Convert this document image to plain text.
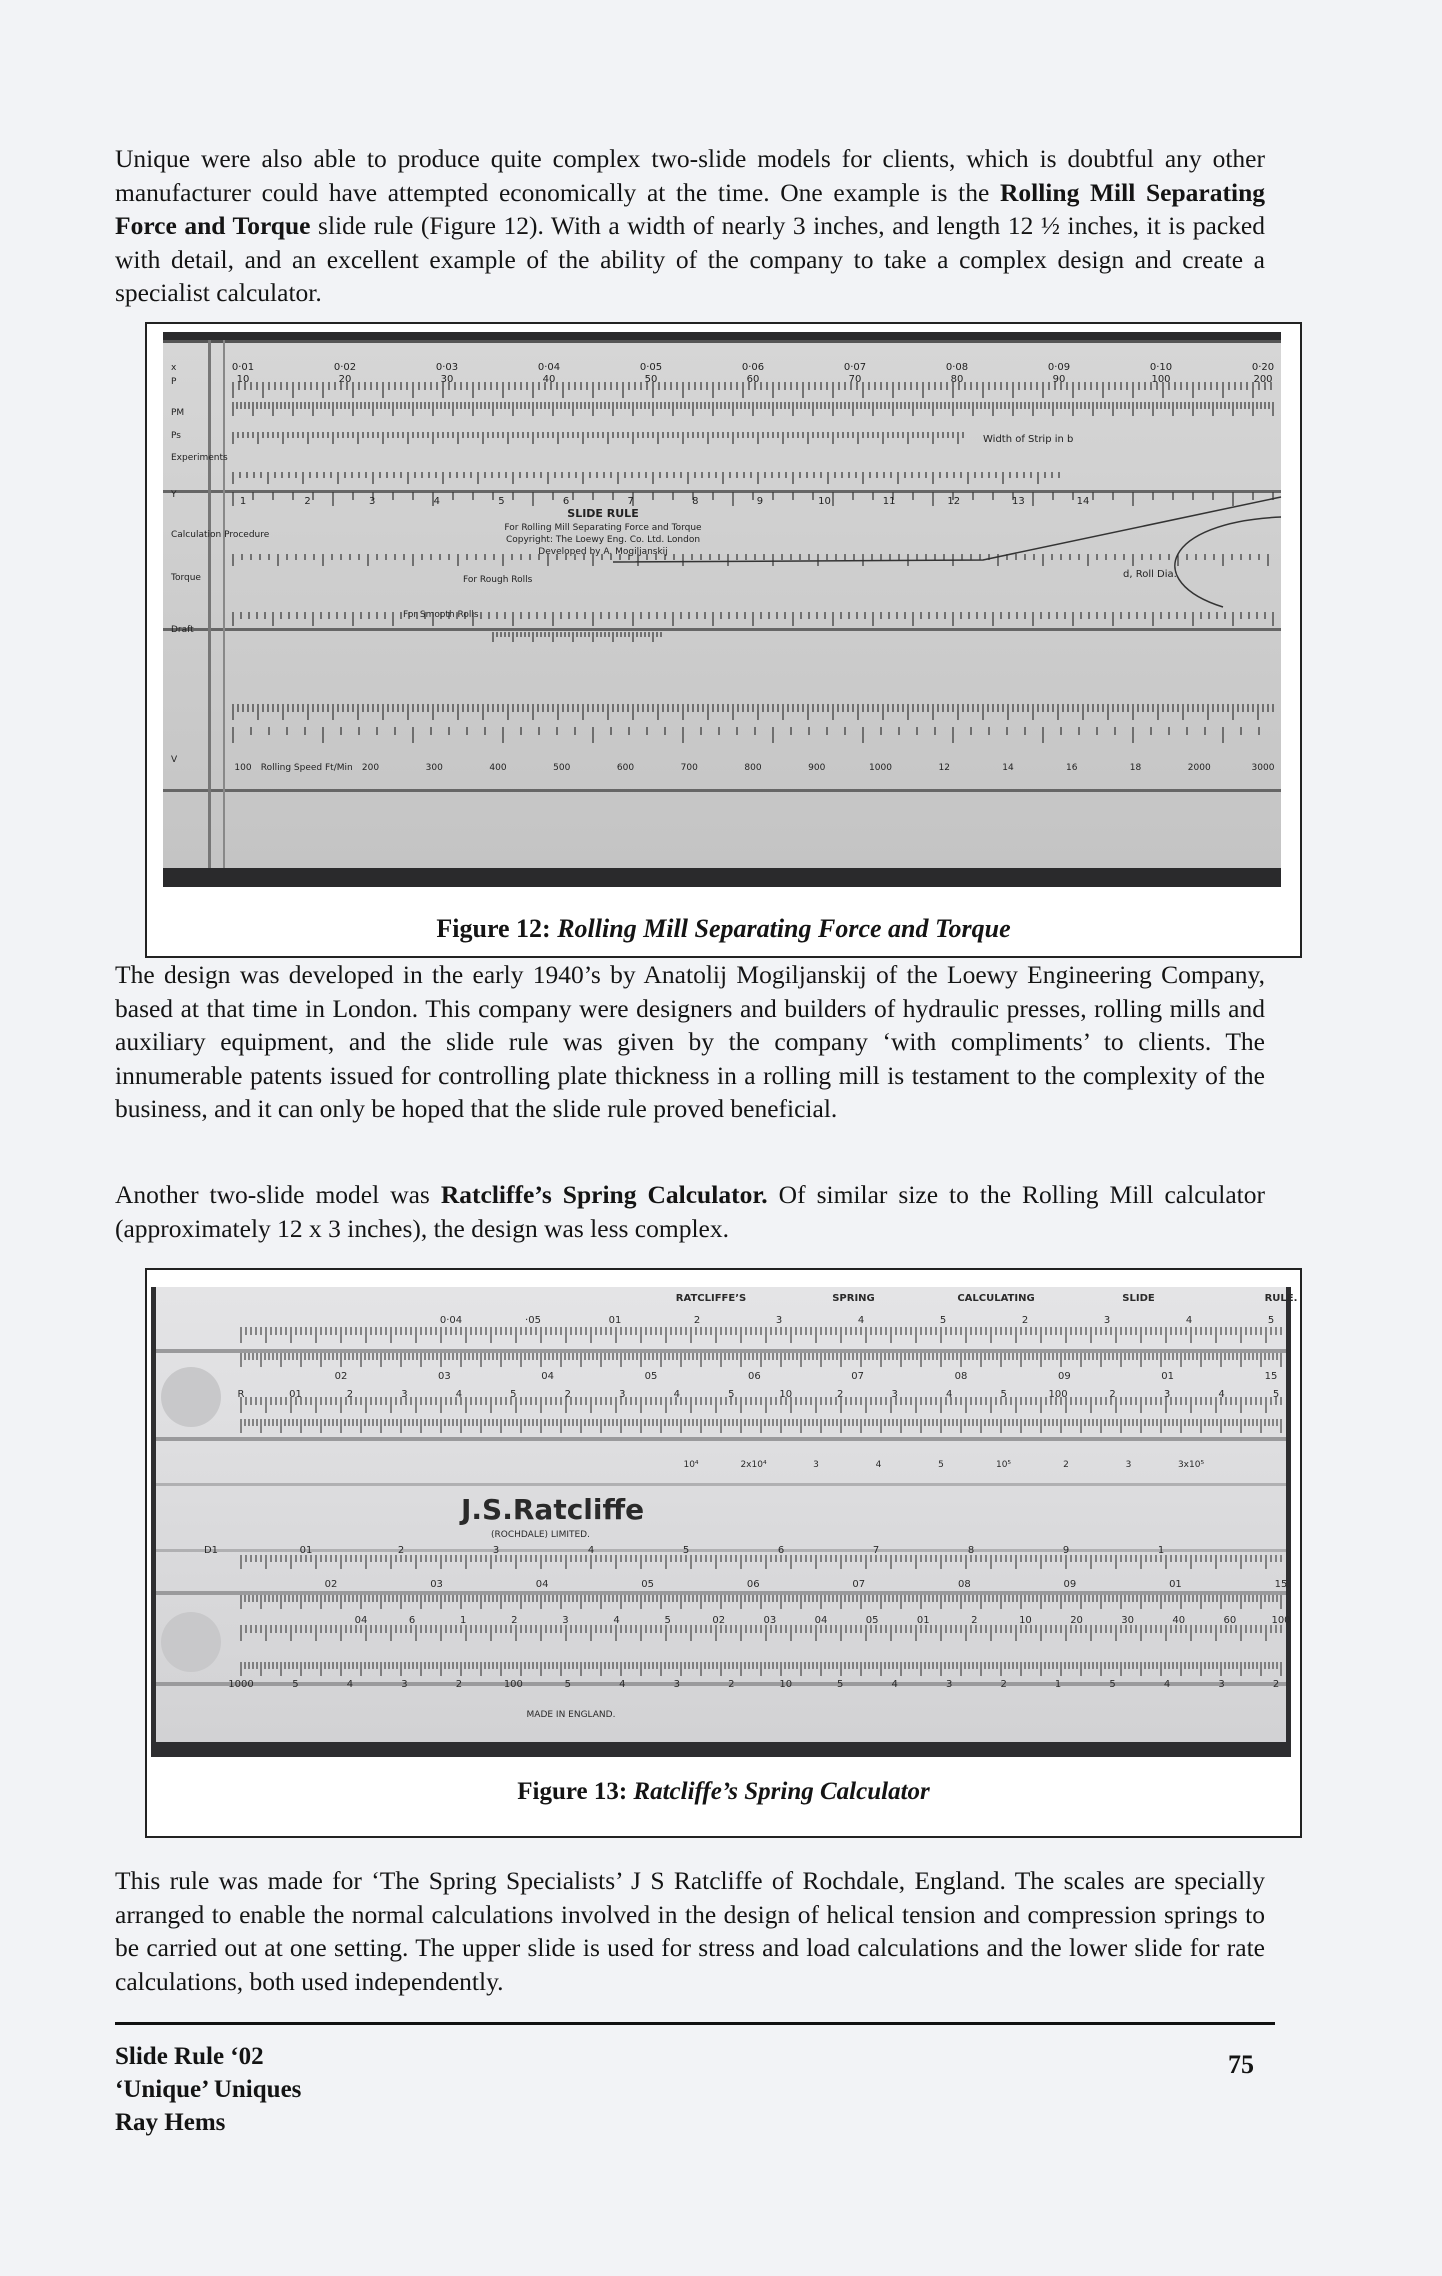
Unique were also able to produce quite complex two-slide models for clients, which is doubtful any other manufacturer could have attempted economically at the time. One example is the Rolling Mill Separating Force and Torque slide rule (Figure 12). With a width of nearly 3 inches, and length 12 ½ inches, it is packed with detail, and an excellent example of the ability of the company to take a complex design and create a specialist calculator.

0·01	0·02	0·03	0·04	0·05	0·06	0·07	0·08	0·09	0·10	0·20
10	20	30	40	50	60	70	80	90	100	200
1	2	3	4	5	6	7	8	9	10	11	12	13	14
100 Rolling Speed Ft/Min 200	300	400	500	600	700	800	900	1000	12	14	16	18	2000	3000
x
P
PM
Ps
Experiments
Y
Calculation Procedure
Torque
Draft
V
SLIDE RULE
For Rolling Mill Separating Force and Torque
Copyright: The Loewy Eng. Co. Ltd. London
Developed by A. Mogiljanskij
For Rough Rolls
For Smooth Rolls
Width of Strip in b
d, Roll Dia.
Figure 12: Rolling Mill Separating Force and Torque

The design was developed in the early 1940’s by Anatolij Mogiljanskij of the Loewy Engineering Company, based at that time in London. This company were designers and builders of hydraulic presses, rolling mills and auxiliary equipment, and the slide rule was given by the company ‘with compliments’ to clients. The innumerable patents issued for controlling plate thickness in a rolling mill is testament to the complexity of the business, and it can only be hoped that the slide rule proved beneficial.

Another two-slide model was Ratcliffe’s Spring Calculator. Of similar size to the Rolling Mill calculator (approximately 12 x 3 inches), the design was less complex.

RATCLIFFE’S	SPRING	CALCULATING	SLIDE	RULE.
0·04	·05	01	2	3	4	5	2	3	4	5
02	03	04	05	06	07	08	09	01	15
R	01	2	3	4	5	2	3	4	5	10	2	3	4	5	100	2	3	4	5
10⁴	2x10⁴	3	4	5	10⁵	2	3	3x10⁵
J.S.Ratcliffe
(ROCHDALE) LIMITED.
D1	01	2	3	4	5	6	7	8	9	1
02	03	04	05	06	07	08	09	01	15
04	6	1	2	3	4	5	02	03	04	05	01	2	10	20	30	40	60	100
1000	5	4	3	2	100	5	4	3	2	10	5	4	3	2	1	5	4	3	2
MADE IN ENGLAND.
Figure 13: Ratcliffe’s Spring Calculator

This rule was made for ‘The Spring Specialists’ J S Ratcliffe of Rochdale, England. The scales are specially arranged to enable the normal calculations involved in the design of helical tension and compression springs to be carried out at one setting. The upper slide is used for stress and load calculations and the lower slide for rate calculations, both used independently.

Slide Rule ‘02
‘Unique’ Uniques
Ray Hems
75
